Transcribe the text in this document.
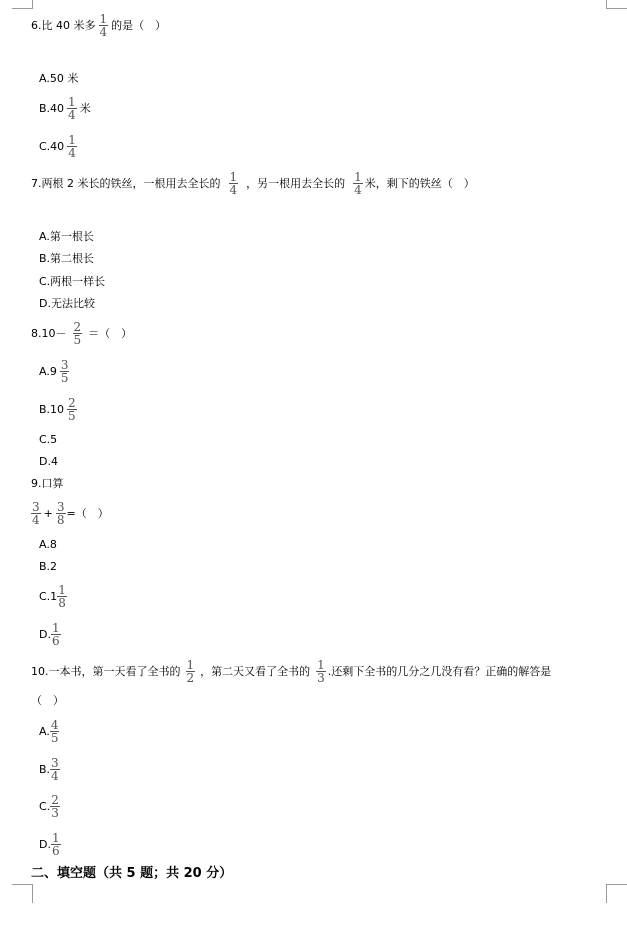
6.比 40 米多 $\frac{1}{4}$ 的是（　）
A.50 米
$B.40 \frac{1}{4}$ 米
$C.40 \frac{1}{4}$
7.两根 2 米长的铁丝，一根用去全长的 $\frac{1}{4}$ ，另一根用去全长的 $\frac{1}{4}$ 米，剩下的铁丝（　）
A.第一根长
B.第二根长
C.两根一样长
D.无法比较
$8.10- \frac{2}{5}$ ＝（　）
$A.9 \frac{3}{5}$
$B.10 \frac{2}{5}$
C.5
D.4
9.口算
$\frac{3}{4} + \frac{3}{8}$ =（　）
A.8
B.2
$C.1 \frac{1}{8}$
D. $\frac{1}{6}$
10.一本书，第一天看了全书的 $\frac{1}{2}$ ，第二天又看了全书的 $\frac{1}{3}$ .还剩下全书的几分之几没有看？正确的解答是
（　）
A. $\frac{4}{5}$
B. $\frac{3}{4}$
C. $\frac{2}{3}$
D. $\frac{1}{6}$
二、填空题（共 5 题；共 20 分）
